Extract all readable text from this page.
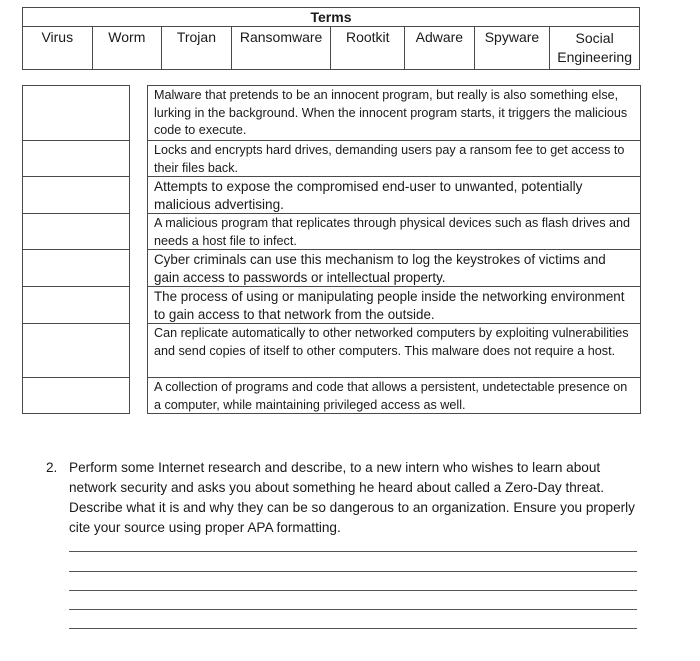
Terms
Virus	Worm	Trojan	Ransomware	Rootkit	Adware	Spyware	Social Engineering
Malware that pretends to be an innocent program, but really is also something else, lurking in the background. When the innocent program starts, it triggers the malicious code to execute.
Locks and encrypts hard drives, demanding users pay a ransom fee to get access to their files back.
Attempts to expose the compromised end-user to unwanted, potentially malicious advertising.
A malicious program that replicates through physical devices such as flash drives and needs a host file to infect.
Cyber criminals can use this mechanism to log the keystrokes of victims and gain access to passwords or intellectual property.
The process of using or manipulating people inside the networking environment to gain access to that network from the outside.
Can replicate automatically to other networked computers by exploiting vulnerabilities and send copies of itself to other computers. This malware does not require a host.
A collection of programs and code that allows a persistent, undetectable presence on a computer, while maintaining privileged access as well.
2. Perform some Internet research and describe, to a new intern who wishes to learn about network security and asks you about something he heard about called a Zero-Day threat. Describe what it is and why they can be so dangerous to an organization. Ensure you properly cite your source using proper APA formatting.
